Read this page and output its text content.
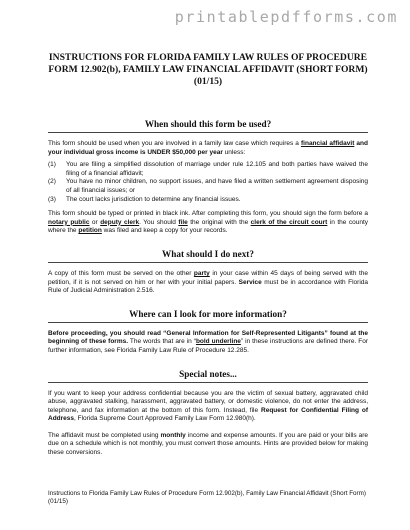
printablepdfforms.com
INSTRUCTIONS FOR FLORIDA FAMILY LAW RULES OF PROCEDURE FORM 12.902(b), FAMILY LAW FINANCIAL AFFIDAVIT (SHORT FORM) (01/15)
When should this form be used?

This form should be used when you are involved in a family law case which requires a financial affidavit and your individual gross income is UNDER $50,000 per year unless:

(1) You are filing a simplified dissolution of marriage under rule 12.105 and both parties have waived the filing of a financial affidavit;
(2) You have no minor children, no support issues, and have filed a written settlement agreement disposing of all financial issues; or
(3) The court lacks jurisdiction to determine any financial issues.

This form should be typed or printed in black ink. After completing this form, you should sign the form before a notary public or deputy clerk. You should file the original with the clerk of the circuit court in the county where the petition was filed and keep a copy for your records.

What should I do next?

A copy of this form must be served on the other party in your case within 45 days of being served with the petition, if it is not served on him or her with your initial papers. Service must be in accordance with Florida Rule of Judicial Administration 2.516.

Where can I look for more information?

Before proceeding, you should read “General Information for Self-Represented Litigants” found at the beginning of these forms. The words that are in “bold underline” in these instructions are defined there. For further information, see Florida Family Law Rule of Procedure 12.285.

Special notes...

If you want to keep your address confidential because you are the victim of sexual battery, aggravated child abuse, aggravated stalking, harassment, aggravated battery, or domestic violence, do not enter the address, telephone, and fax information at the bottom of this form. Instead, file Request for Confidential Filing of Address, Florida Supreme Court Approved Family Law Form 12.980(h).

The affidavit must be completed using monthly income and expense amounts. If you are paid or your bills are due on a schedule which is not monthly, you must convert those amounts. Hints are provided below for making these conversions.

Instructions to Florida Family Law Rules of Procedure Form 12.902(b), Family Law Financial Affidavit (Short Form) (01/15)
